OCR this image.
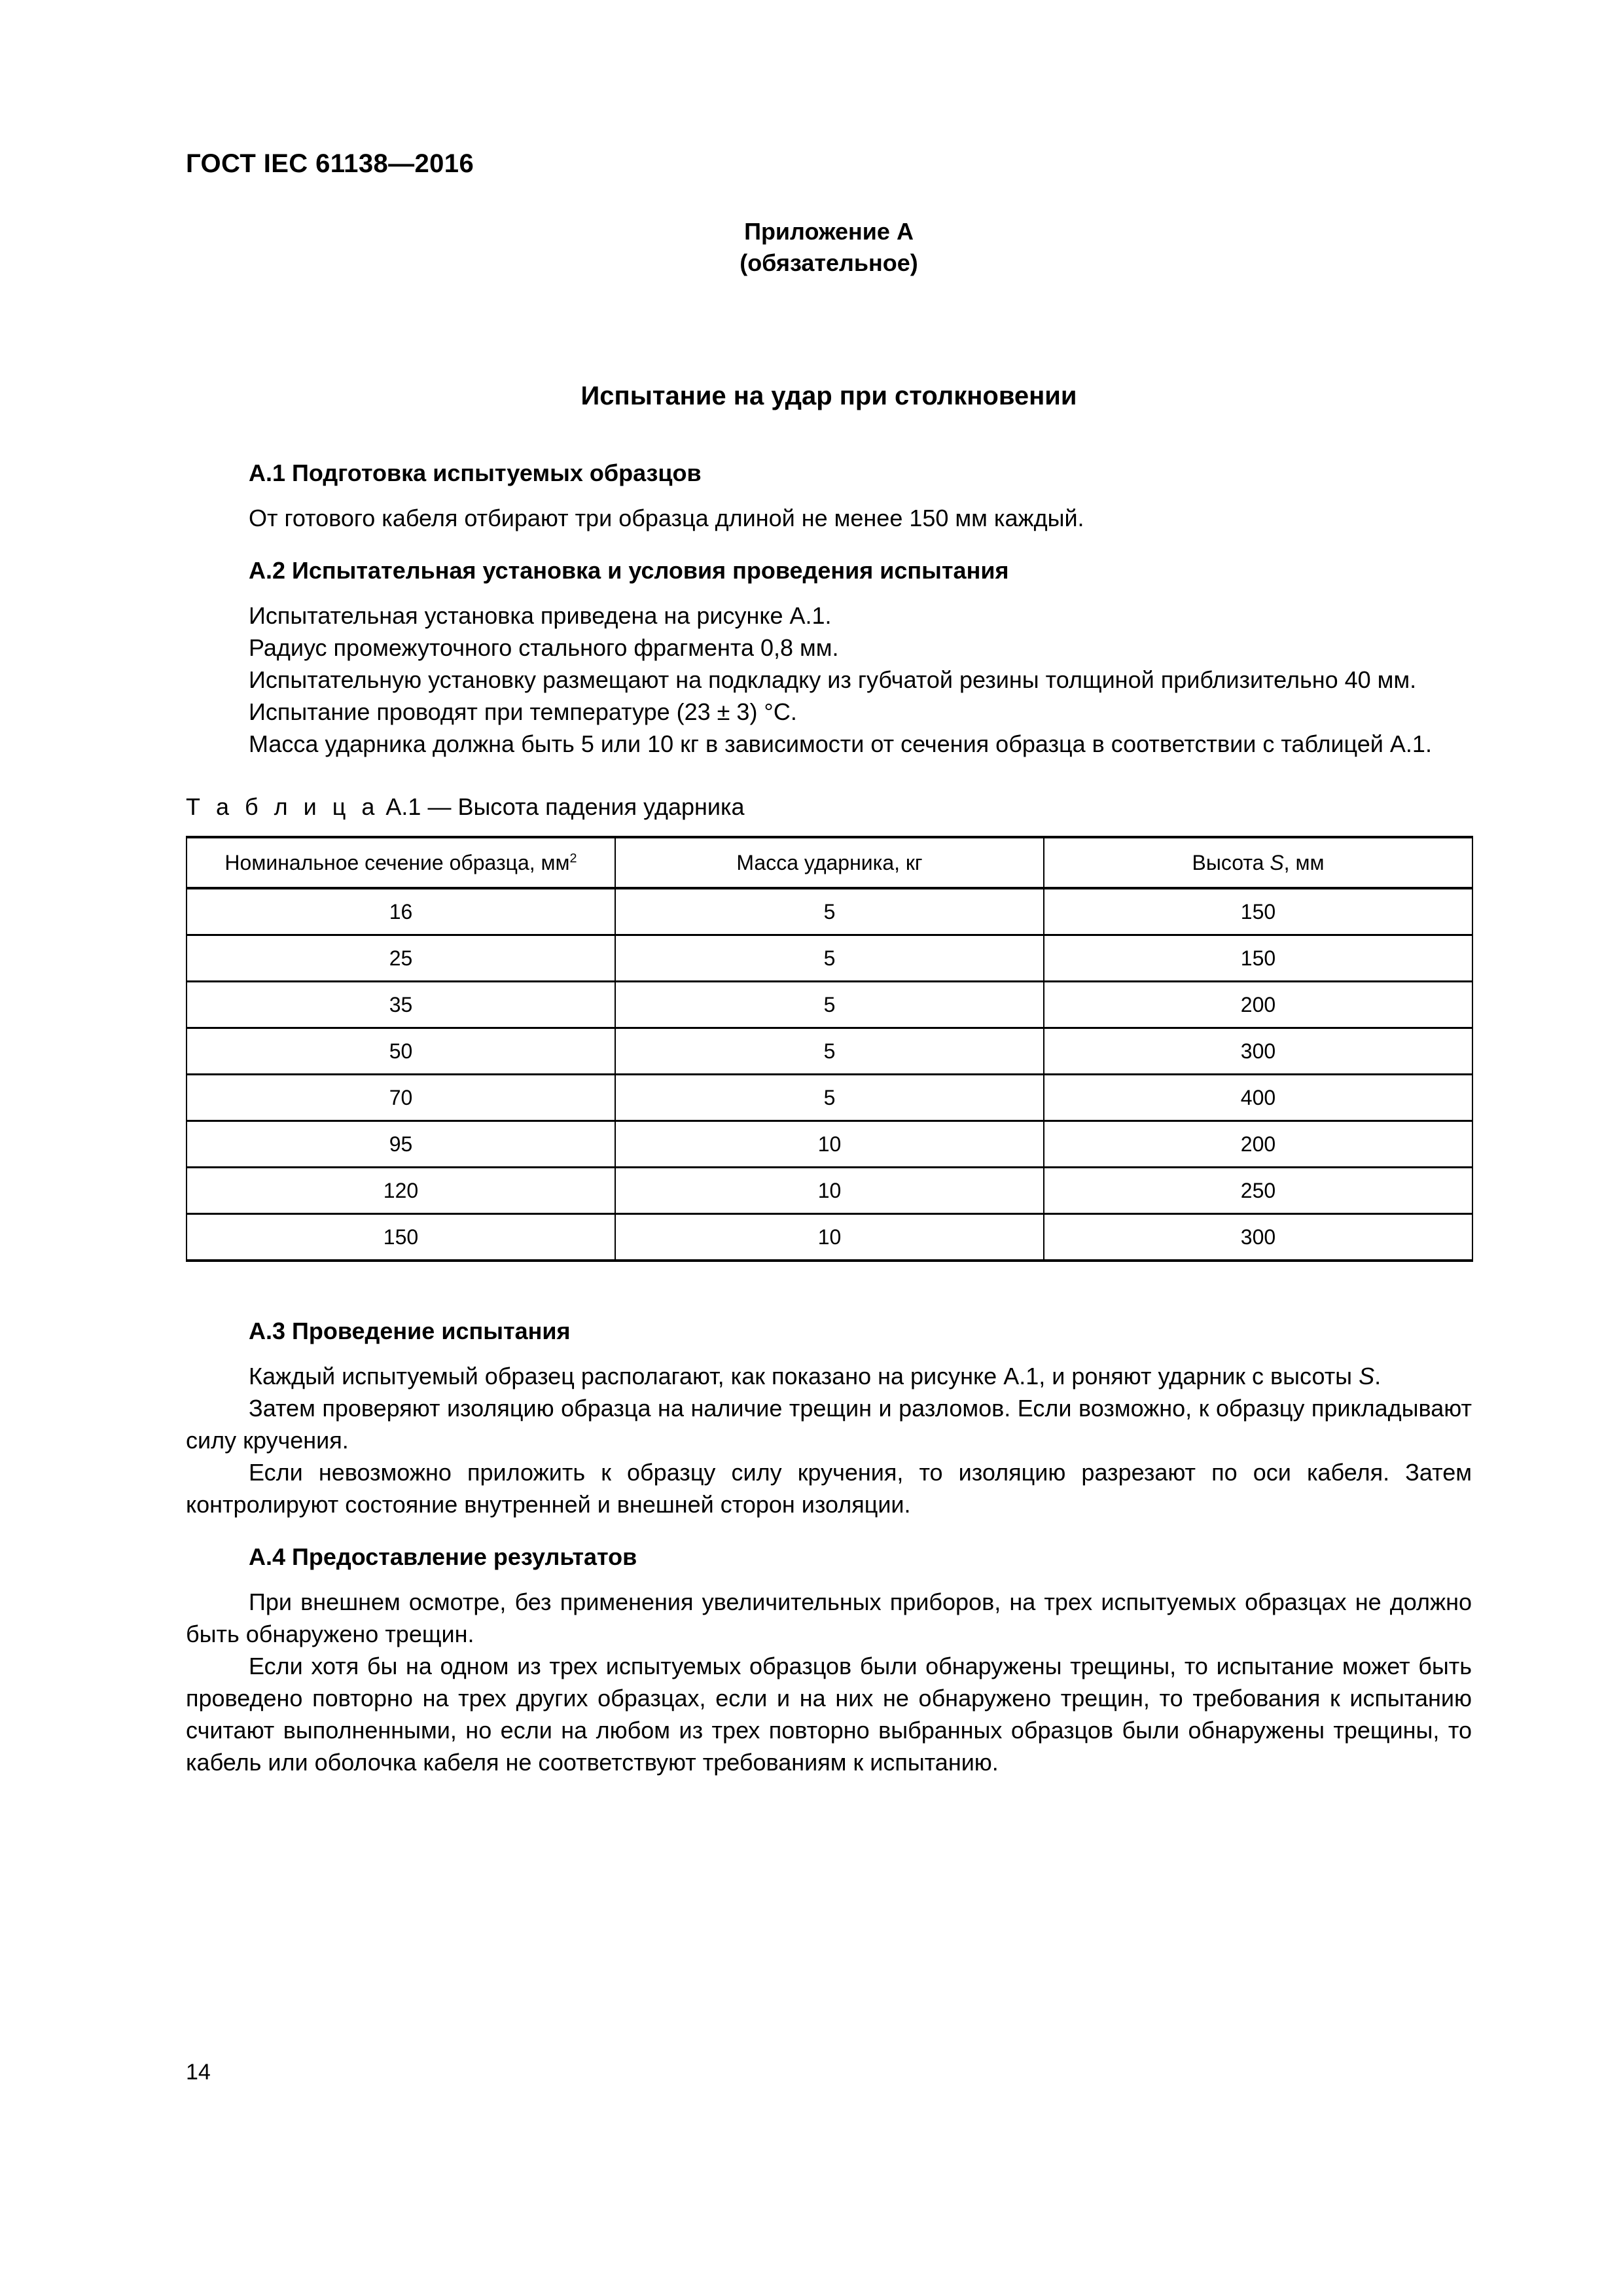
ГОСТ IEC 61138—2016
Приложение А
(обязательное)
Испытание на удар при столкновении
А.1 Подготовка испытуемых образцов

От готового кабеля отбирают три образца длиной не менее 150 мм каждый.

А.2 Испытательная установка и условия проведения испытания

Испытательная установка приведена на рисунке А.1.

Радиус промежуточного стального фрагмента 0,8 мм.

Испытательную установку размещают на подкладку из губчатой резины толщиной приблизительно 40 мм.

Испытание проводят при температуре (23 ± 3) °С.

Масса ударника должна быть 5 или 10 кг в зависимости от сечения образца в соответствии с таблицей А.1.

Т а б л и ц а А.1 — Высота падения ударника

Номинальное сечение образца, $мм^2$	Масса ударника, кг	Высота S, мм
16	5	150
25	5	150
35	5	200
50	5	300
70	5	400
95	10	200
120	10	250
150	10	300
А.3 Проведение испытания

Каждый испытуемый образец располагают, как показано на рисунке А.1, и роняют ударник с высоты S.

Затем проверяют изоляцию образца на наличие трещин и разломов. Если возможно, к образцу прикладывают силу кручения.

Если невозможно приложить к образцу силу кручения, то изоляцию разрезают по оси кабеля. Затем контролируют состояние внутренней и внешней сторон изоляции.

А.4 Предоставление результатов

При внешнем осмотре, без применения увеличительных приборов, на трех испытуемых образцах не должно быть обнаружено трещин.

Если хотя бы на одном из трех испытуемых образцов были обнаружены трещины, то испытание может быть проведено повторно на трех других образцах, если и на них не обнаружено трещин, то требования к испытанию считают выполненными, но если на любом из трех повторно выбранных образцов были обнаружены трещины, то кабель или оболочка кабеля не соответствуют требованиям к испытанию.

14
